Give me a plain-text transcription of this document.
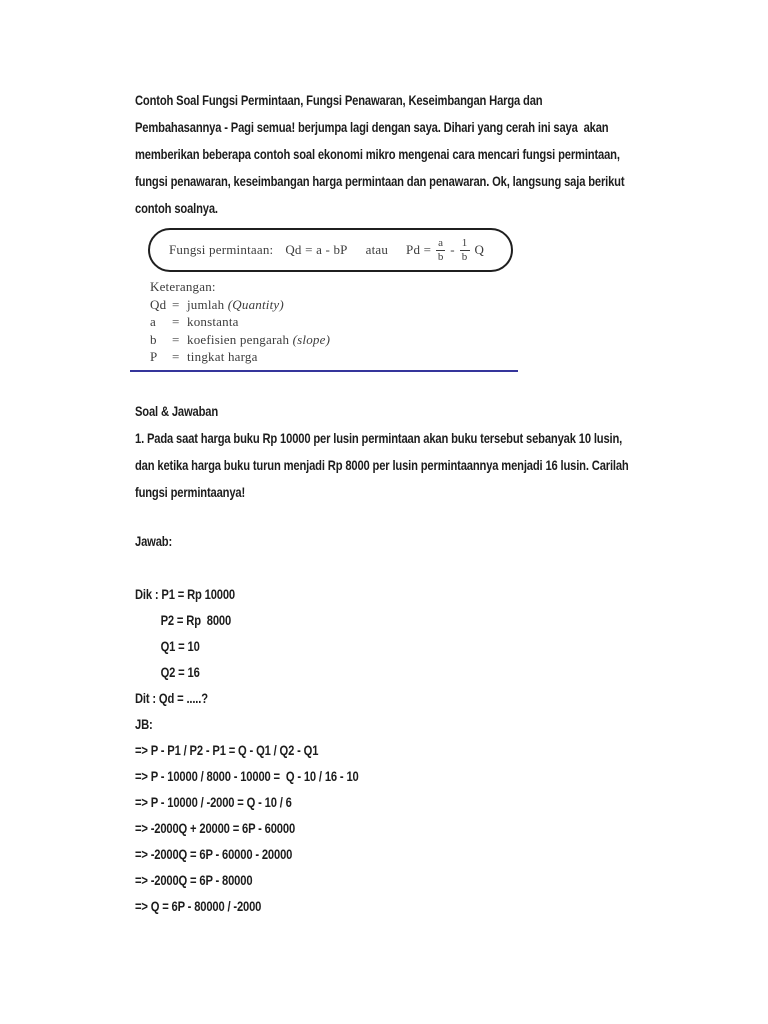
Contoh Soal Fungsi Permintaan, Fungsi Penawaran, Keseimbangan Harga dan
Pembahasannya - Pagi semua! berjumpa lagi dengan saya. Dihari yang cerah ini saya  akan
memberikan beberapa contoh soal ekonomi mikro mengenai cara mencari fungsi permintaan,
fungsi penawaran, keseimbangan harga permintaan dan penawaran. Ok, langsung saja berikut
contoh soalnya.
Fungsi permintaan: Qd = a - bP atau $Pd = \frac{a}{b} - \frac{1}{b}$ Q
Keterangan:
Qd = jumlah (Quantity)
a	= konstanta
b	= koefisien pengarah (slope)
P	= tingkat harga
Soal & Jawaban
1. Pada saat harga buku Rp 10000 per lusin permintaan akan buku tersebut sebanyak 10 lusin,
dan ketika harga buku turun menjadi Rp 8000 per lusin permintaannya menjadi 16 lusin. Carilah
fungsi permintaanya!
Jawab:
Dik : P1 = Rp 10000
P2 = Rp  8000
Q1 = 10
Q2 = 16
Dit : Qd = .....?
JB:
=> P - P1 / P2 - P1 = Q - Q1 / Q2 - Q1
=> P - 10000 / 8000 - 10000 =  Q - 10 / 16 - 10
=> P - 10000 / -2000 = Q - 10 / 6
=> -2000Q + 20000 = 6P - 60000
=> -2000Q = 6P - 60000 - 20000
=> -2000Q = 6P - 80000
=> Q = 6P - 80000 / -2000
